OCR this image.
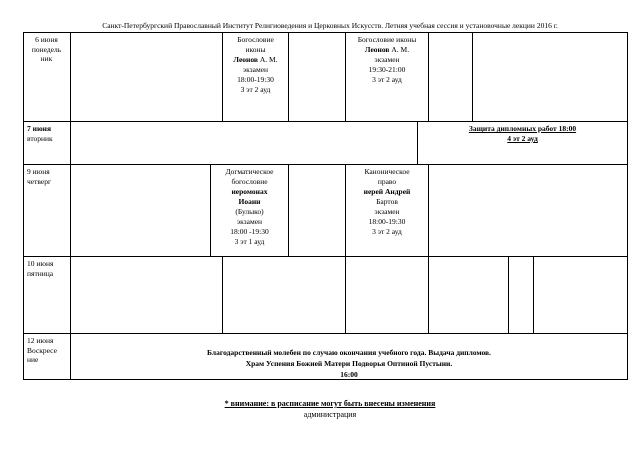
Санкт-Петербургский Православный Институт Религиоведения и Церковных Искусств. Летняя учебная сессия и установочные лекции 2016 г.
6 июня
понедель
ник
7 июня
вторник
9 июня
четверг
10 июня
пятница
12 июня
Воскресе
ние
Богословие
иконы
Леонов А. М.
экзамен
18:00-19:30
3 эт 2 ауд
Богословие иконы
Леонов А. М.
экзамен
19:30-21:00
3 эт 2 ауд
Защита дипломных работ 18:00
4 эт 2 ауд
Догматическое
богословие
иеромонах
Иоанн
(Булыко)
экзамен
18:00 -19:30
3 эт 1 ауд
Каноническое
право
иерей Андрей
Бартов
экзамен
18:00-19:30
3 эт 2 ауд
Благодарственный молебен по случаю окончания учебного года. Выдача дипломов.
Храм Успения Божией Матери Подворья Оптиной Пустыни.
16:00
* внимание: в расписание могут быть внесены изменения
администрация
